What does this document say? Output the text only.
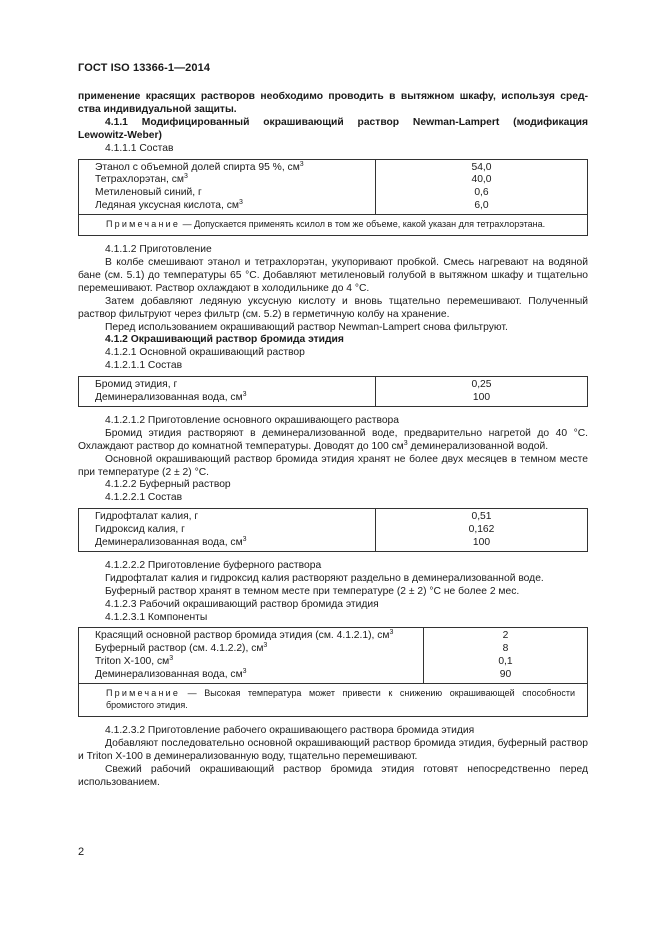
ГОСТ ISO 13366-1—2014

применение красящих растворов необходимо проводить в вытяжном шкафу, используя сред-

ства индивидуальной защиты.

4.1.1 Модифицированный окрашивающий раствор Newman-Lampert (модификация

Lewowitz-Weber)

4.1.1.1 Состав

Этанол с объемной долей спирта 95 %, $см^3$
Тетрахлорэтан, $см^3$
Метиленовый синий, г
Ледяная уксусная кислота, $см^3$
54,0
40,0
0,6
6,0
Примечание — Допускается применять ксилол в том же объеме, какой указан для тетрахлорэтана.

4.1.1.2 Приготовление

В колбе смешивают этанол и тетрахлорэтан, укупоривают пробкой. Смесь нагревают на водяной бане (см. 5.1) до температуры 65 °С. Добавляют метиленовый голубой в вытяжном шкафу и тщательно перемешивают. Раствор охлаждают в холодильнике до 4 °С.

Затем добавляют ледяную уксусную кислоту и вновь тщательно перемешивают. Полученный раствор фильтруют через фильтр (см. 5.2) в герметичную колбу на хранение.

Перед использованием окрашивающий раствор Newman-Lampert снова фильтруют.

4.1.2 Окрашивающий раствор бромида этидия

4.1.2.1 Основной окрашивающий раствор

4.1.2.1.1 Состав

Бромид этидия, г
Деминерализованная вода, $см^3$
0,25
100

4.1.2.1.2 Приготовление основного окрашивающего раствора

Бромид этидия растворяют в деминерализованной воде, предварительно нагретой до 40 °С. Охлаждают раствор до комнатной температуры. Доводят до 100 $см^3$ деминерализованной водой.

Основной окрашивающий раствор бромида этидия хранят не более двух месяцев в темном месте при температуре (2 ± 2) °С.

4.1.2.2 Буферный раствор

4.1.2.2.1 Состав

Гидрофталат калия, г
Гидроксид калия, г
Деминерализованная вода, $см^3$
0,51
0,162
100

4.1.2.2.2 Приготовление буферного раствора

Гидрофталат калия и гидроксид калия растворяют раздельно в деминерализованной воде.

Буферный раствор хранят в темном месте при температуре (2 ± 2) °С не более 2 мес.

4.1.2.3 Рабочий окрашивающий раствор бромида этидия

4.1.2.3.1 Компоненты

Красящий основной раствор бромида этидия (см. 4.1.2.1), $см^3$
Буферный раствор (см. 4.1.2.2), $см^3$
Triton X-100, $см^3$
Деминерализованная вода, $см^3$
2
8
0,1
90
Примечание — Высокая температура может привести к снижению окрашивающей способности бромистого этидия.

4.1.2.3.2 Приготовление рабочего окрашивающего раствора бромида этидия

Добавляют последовательно основной окрашивающий раствор бромида этидия, буферный раствор и Triton X-100 в деминерализованную воду, тщательно перемешивают.

Свежий рабочий окрашивающий раствор бромида этидия готовят непосредственно перед использованием.

2
